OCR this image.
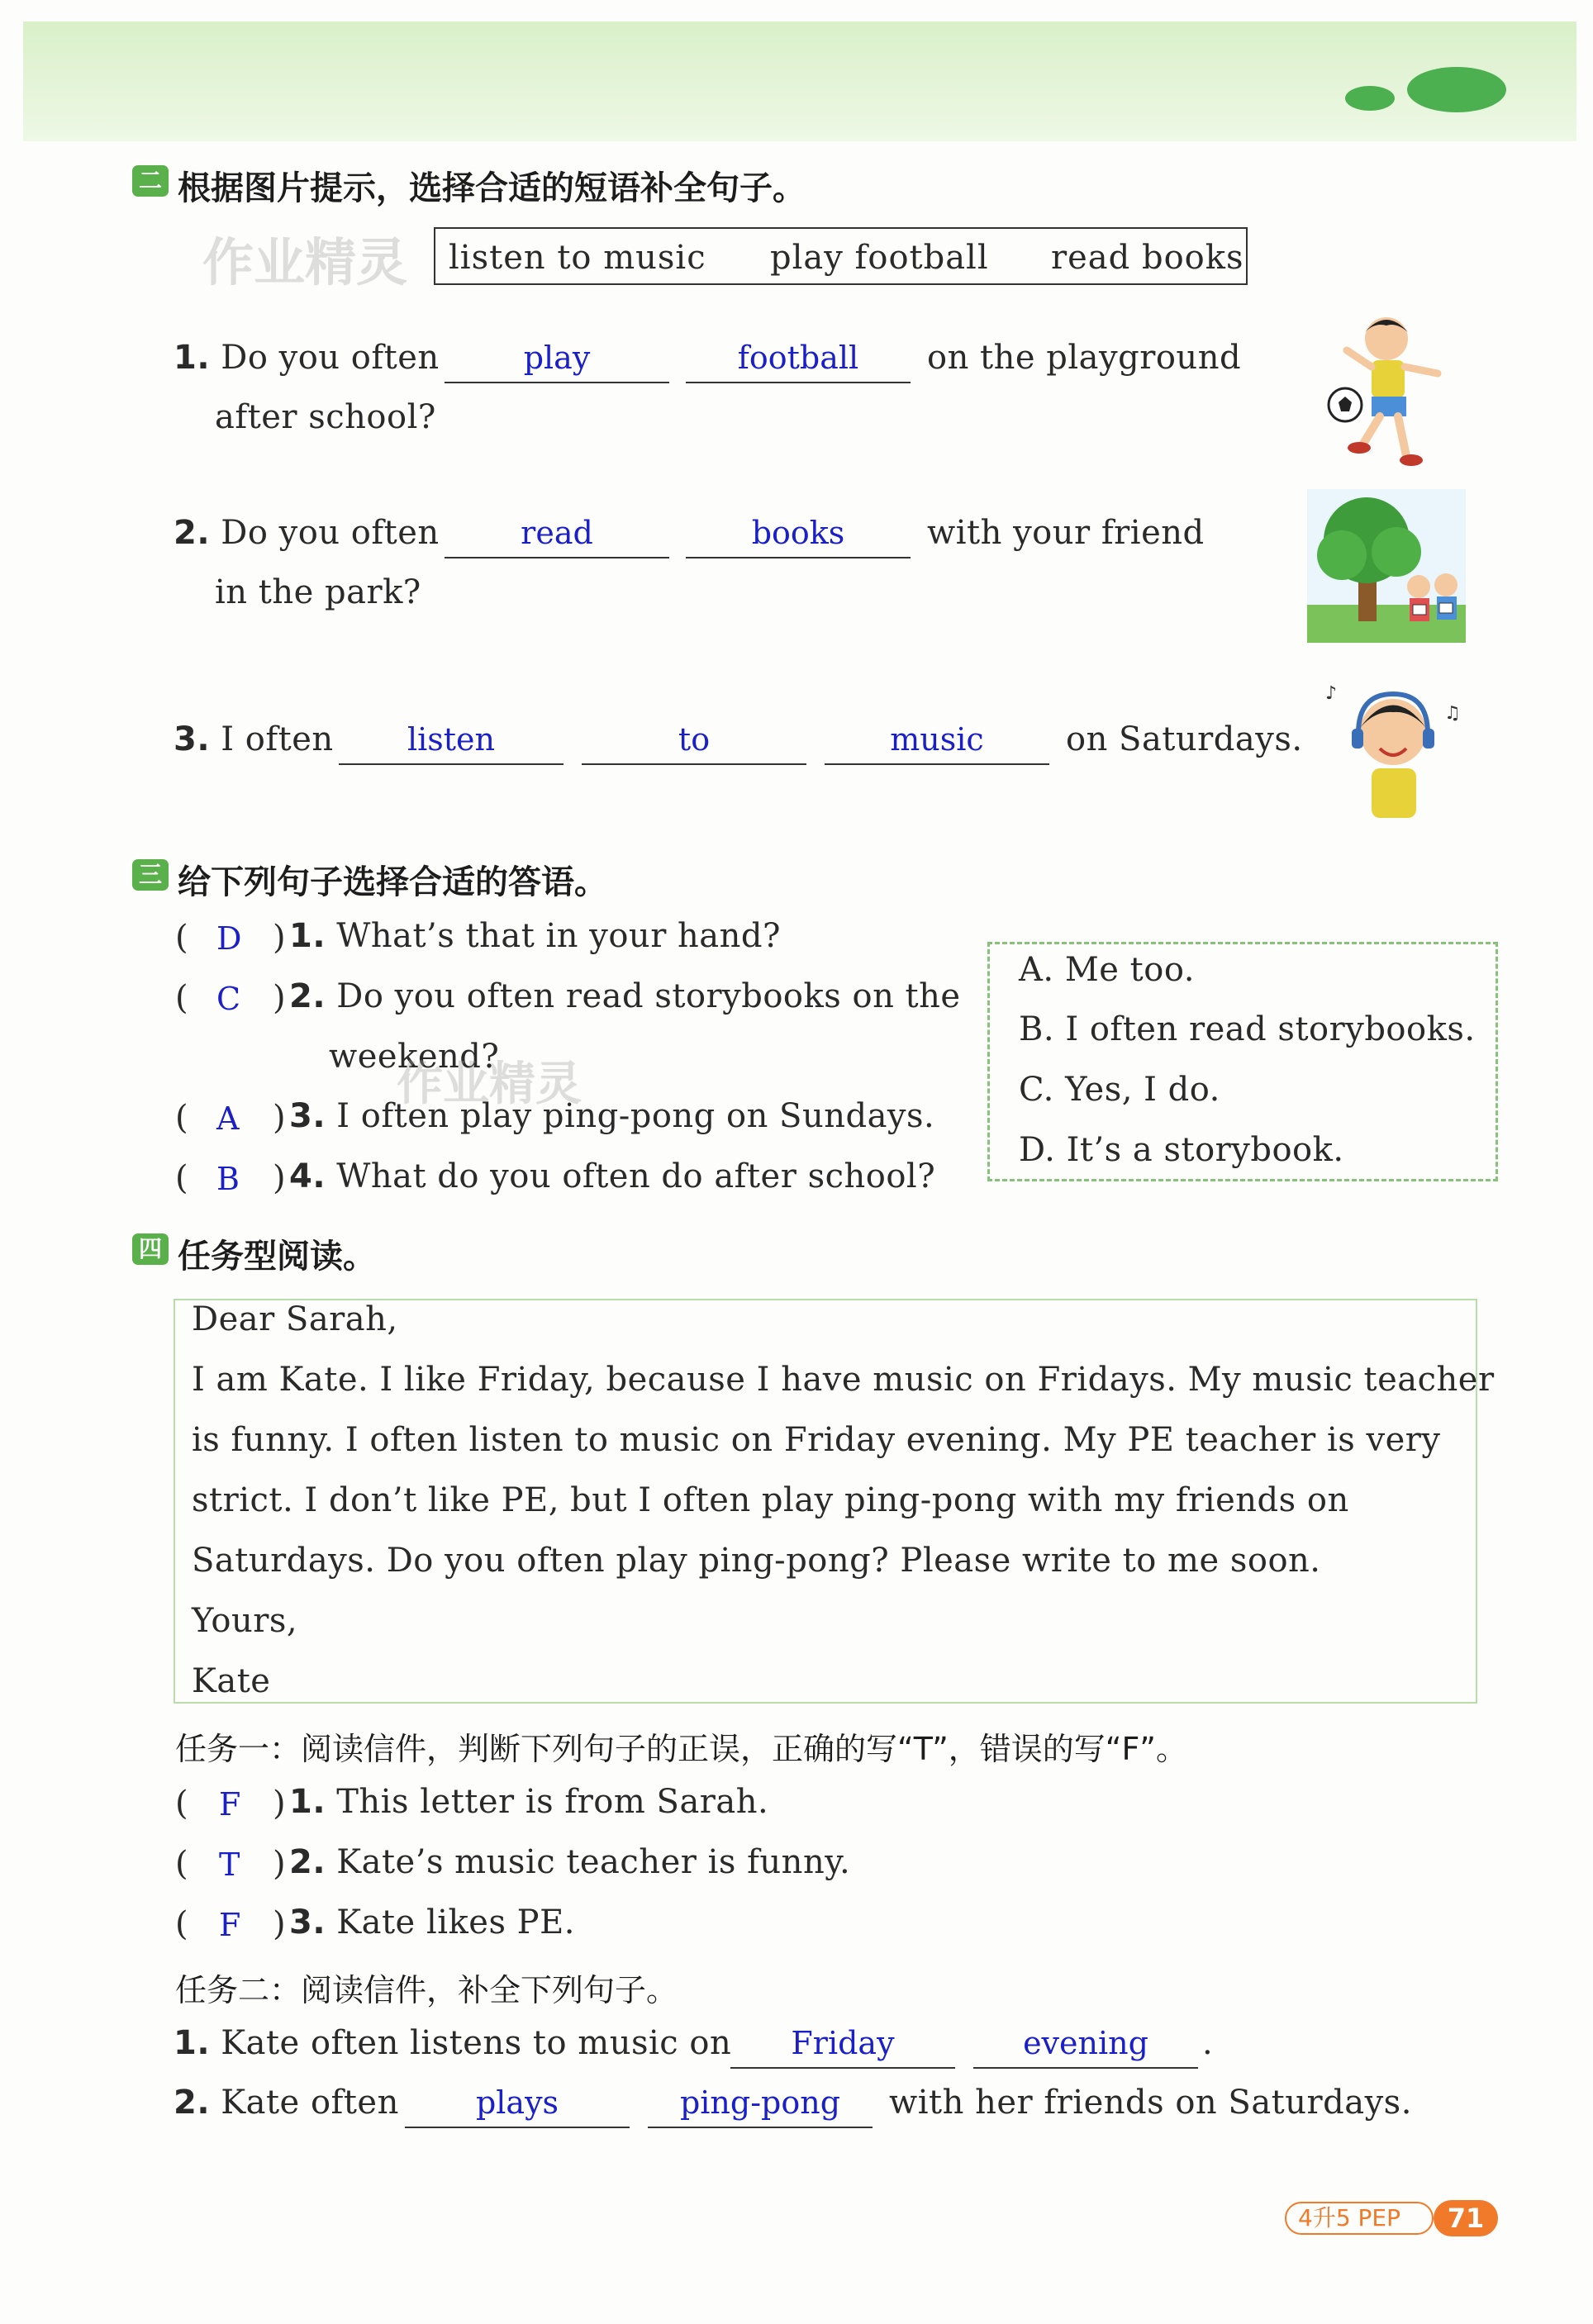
二 根据图片提示，选择合适的短语补全句子。
作业精灵 listen to music play football read books
1. Do you often	play	football	on the playground
after school?
2. Do you often	read	books	with your friend
in the park?
3. I often	listen	to	music	on Saturdays.
♪
♫
三 给下列句子选择合适的答语。
( D ) 1. What’s that in your hand?
( C ) 2. Do you often read storybooks on the
weekend?
作业精灵
( A ) 3. I often play ping-pong on Sundays.
( B ) 4. What do you often do after school?
A. Me too.
B. I often read storybooks.
C. Yes, I do.
D. It’s a storybook.
四 任务型阅读。
Dear Sarah,
I am Kate. I like Friday, because I have music on Fridays. My music teacher
is funny. I often listen to music on Friday evening. My PE teacher is very
strict. I don’t like PE, but I often play ping-pong with my friends on
Saturdays. Do you often play ping-pong? Please write to me soon.
Yours,
Kate
任务一：阅读信件，判断下列句子的正误，正确的写“T”，错误的写“F”。
( F ) 1. This letter is from Sarah.
( T ) 2. Kate’s music teacher is funny.
( F ) 3. Kate likes PE.
任务二：阅读信件，补全下列句子。
1. Kate often listens to music on	Friday	evening	.
2. Kate often	plays	ping-pong	with her friends on Saturdays.
4升5 PEP	71
